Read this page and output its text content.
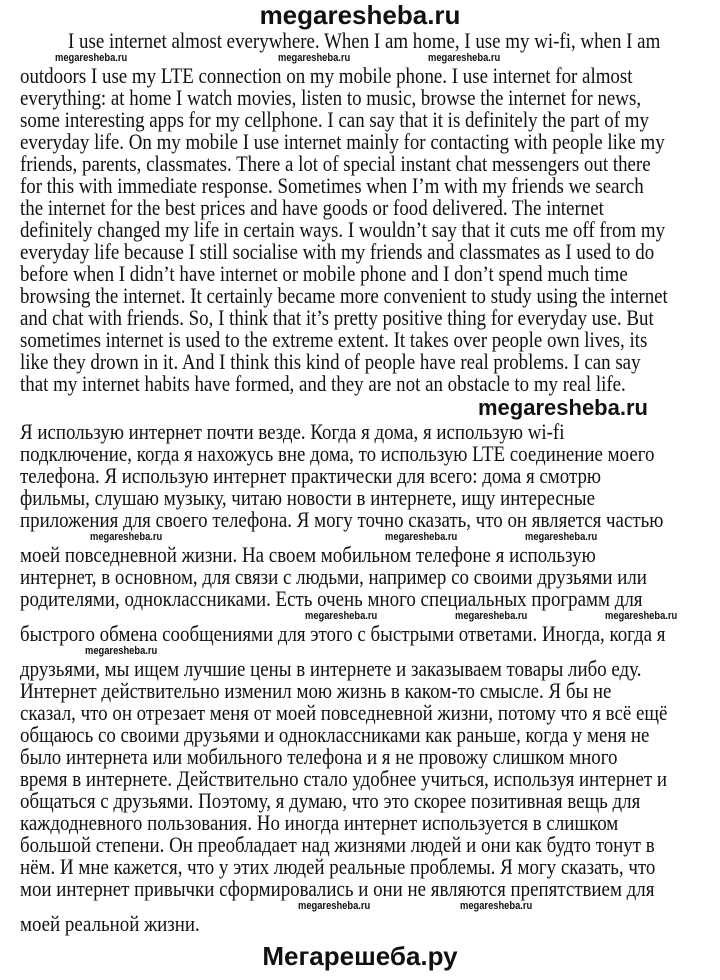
megaresheba.ru
I use internet almost everywhere. When I am home, I use my wi-fi, when I am
megaresheba.ru	megaresheba.ru	megaresheba.ru
outdoors I use my LTE connection on my mobile phone. I use internet for almost
everything: at home I watch movies, listen to music, browse the internet for news,
some interesting apps for my cellphone. I can say that it is definitely the part of my
everyday life. On my mobile I use internet mainly for contacting with people like my
friends, parents, classmates. There a lot of special instant chat messengers out there
for this with immediate response. Sometimes when I’m with my friends we search
the internet for the best prices and have goods or food delivered. The internet
definitely changed my life in certain ways. I wouldn’t say that it cuts me off from my
everyday life because I still socialise with my friends and classmates as I used to do
before when I didn’t have internet or mobile phone and I don’t spend much time
browsing the internet. It certainly became more convenient to study using the internet
and chat with friends. So, I think that it’s pretty positive thing for everyday use. But
sometimes internet is used to the extreme extent. It takes over people own lives, its
like they drown in it. And I think this kind of people have real problems. I can say
that my internet habits have formed, and they are not an obstacle to my real life.
megaresheba.ru
Я использую интернет почти везде. Когда я дома, я использую wi-fi
подключение, когда я нахожусь вне дома, то использую LTE соединение моего
телефона. Я использую интернет практически для всего: дома я смотрю
фильмы, слушаю музыку, читаю новости в интернете, ищу интересные
приложения для своего телефона. Я могу точно сказать, что он является частью
megaresheba.ru	megaresheba.ru	megaresheba.ru
моей повседневной жизни. На своем мобильном телефоне я использую
интернет, в основном, для связи с людьми, например со своими друзьями или
родителями, одноклассниками. Есть очень много специальных программ для
megaresheba.ru	megaresheba.ru	megaresheba.ru
быстрого обмена сообщениями для этого с быстрыми ответами. Иногда, когда я
megaresheba.ru
друзьями, мы ищем лучшие цены в интернете и заказываем товары либо еду.
Интернет действительно изменил мою жизнь в каком-то смысле. Я бы не
сказал, что он отрезает меня от моей повседневной жизни, потому что я всё ещё
общаюсь со своими друзьями и одноклассниками как раньше, когда у меня не
было интернета или мобильного телефона и я не провожу слишком много
время в интернете. Действительно стало удобнее учиться, используя интернет и
общаться с друзьями. Поэтому, я думаю, что это скорее позитивная вещь для
каждодневного пользования. Но иногда интернет используется в слишком
большой степени. Он преобладает над жизнями людей и они как будто тонут в
нём. И мне кажется, что у этих людей реальные проблемы. Я могу сказать, что
мои интернет привычки сформировались и они не являются препятствием для
megaresheba.ru	megaresheba.ru
моей реальной жизни.
Мегарешеба.ру
